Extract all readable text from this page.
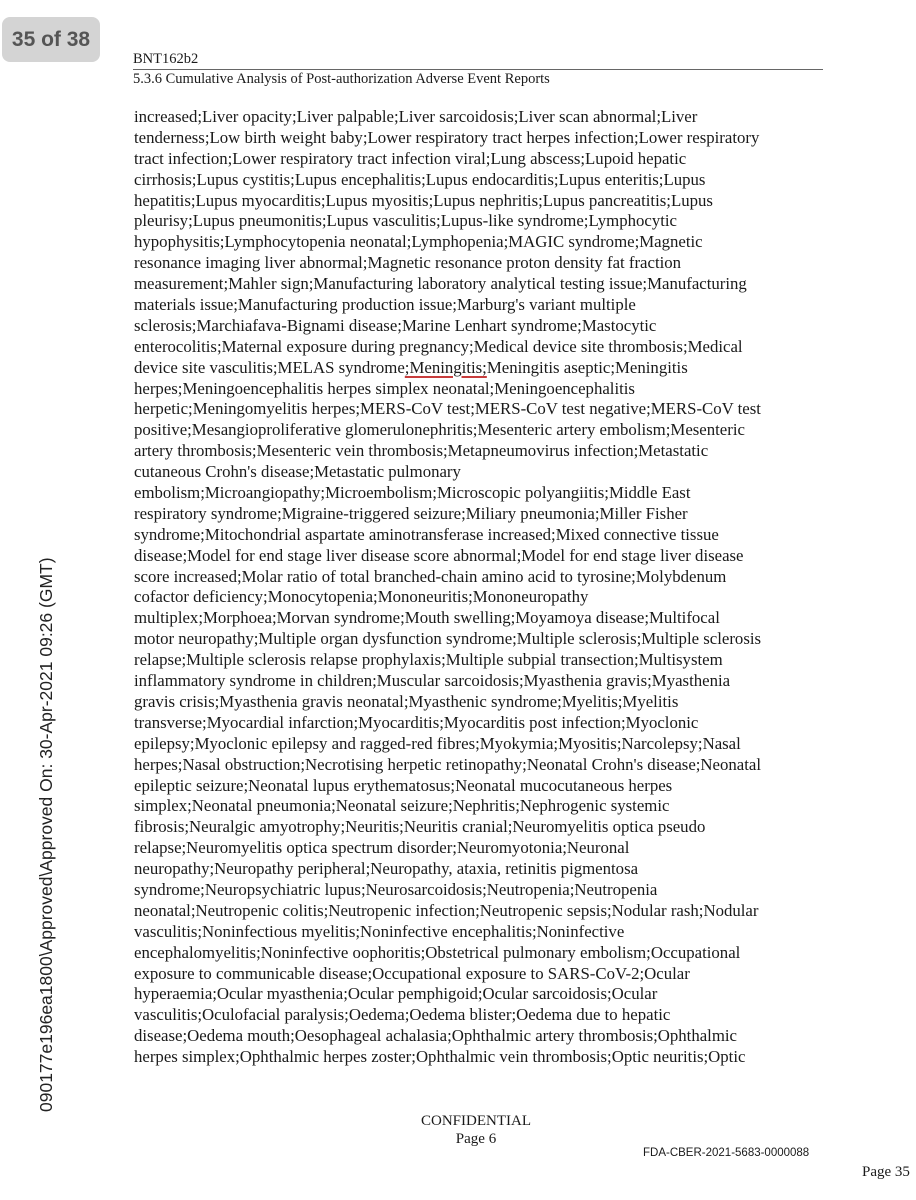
35 of 38
BNT162b2
5.3.6 Cumulative Analysis of Post-authorization Adverse Event Reports
090177e196ea1800\Approved\Approved On: 30-Apr-2021 09:26 (GMT)
increased;Liver opacity;Liver palpable;Liver sarcoidosis;Liver scan abnormal;Liver
tenderness;Low birth weight baby;Lower respiratory tract herpes infection;Lower respiratory
tract infection;Lower respiratory tract infection viral;Lung abscess;Lupoid hepatic
cirrhosis;Lupus cystitis;Lupus encephalitis;Lupus endocarditis;Lupus enteritis;Lupus
hepatitis;Lupus myocarditis;Lupus myositis;Lupus nephritis;Lupus pancreatitis;Lupus
pleurisy;Lupus pneumonitis;Lupus vasculitis;Lupus-like syndrome;Lymphocytic
hypophysitis;Lymphocytopenia neonatal;Lymphopenia;MAGIC syndrome;Magnetic
resonance imaging liver abnormal;Magnetic resonance proton density fat fraction
measurement;Mahler sign;Manufacturing laboratory analytical testing issue;Manufacturing
materials issue;Manufacturing production issue;Marburg's variant multiple
sclerosis;Marchiafava-Bignami disease;Marine Lenhart syndrome;Mastocytic
enterocolitis;Maternal exposure during pregnancy;Medical device site thrombosis;Medical
device site vasculitis;MELAS syndrome;Meningitis;Meningitis aseptic;Meningitis
herpes;Meningoencephalitis herpes simplex neonatal;Meningoencephalitis
herpetic;Meningomyelitis herpes;MERS-CoV test;MERS-CoV test negative;MERS-CoV test
positive;Mesangioproliferative glomerulonephritis;Mesenteric artery embolism;Mesenteric
artery thrombosis;Mesenteric vein thrombosis;Metapneumovirus infection;Metastatic
cutaneous Crohn's disease;Metastatic pulmonary
embolism;Microangiopathy;Microembolism;Microscopic polyangiitis;Middle East
respiratory syndrome;Migraine-triggered seizure;Miliary pneumonia;Miller Fisher
syndrome;Mitochondrial aspartate aminotransferase increased;Mixed connective tissue
disease;Model for end stage liver disease score abnormal;Model for end stage liver disease
score increased;Molar ratio of total branched-chain amino acid to tyrosine;Molybdenum
cofactor deficiency;Monocytopenia;Mononeuritis;Mononeuropathy
multiplex;Morphoea;Morvan syndrome;Mouth swelling;Moyamoya disease;Multifocal
motor neuropathy;Multiple organ dysfunction syndrome;Multiple sclerosis;Multiple sclerosis
relapse;Multiple sclerosis relapse prophylaxis;Multiple subpial transection;Multisystem
inflammatory syndrome in children;Muscular sarcoidosis;Myasthenia gravis;Myasthenia
gravis crisis;Myasthenia gravis neonatal;Myasthenic syndrome;Myelitis;Myelitis
transverse;Myocardial infarction;Myocarditis;Myocarditis post infection;Myoclonic
epilepsy;Myoclonic epilepsy and ragged-red fibres;Myokymia;Myositis;Narcolepsy;Nasal
herpes;Nasal obstruction;Necrotising herpetic retinopathy;Neonatal Crohn's disease;Neonatal
epileptic seizure;Neonatal lupus erythematosus;Neonatal mucocutaneous herpes
simplex;Neonatal pneumonia;Neonatal seizure;Nephritis;Nephrogenic systemic
fibrosis;Neuralgic amyotrophy;Neuritis;Neuritis cranial;Neuromyelitis optica pseudo
relapse;Neuromyelitis optica spectrum disorder;Neuromyotonia;Neuronal
neuropathy;Neuropathy peripheral;Neuropathy, ataxia, retinitis pigmentosa
syndrome;Neuropsychiatric lupus;Neurosarcoidosis;Neutropenia;Neutropenia
neonatal;Neutropenic colitis;Neutropenic infection;Neutropenic sepsis;Nodular rash;Nodular
vasculitis;Noninfectious myelitis;Noninfective encephalitis;Noninfective
encephalomyelitis;Noninfective oophoritis;Obstetrical pulmonary embolism;Occupational
exposure to communicable disease;Occupational exposure to SARS-CoV-2;Ocular
hyperaemia;Ocular myasthenia;Ocular pemphigoid;Ocular sarcoidosis;Ocular
vasculitis;Oculofacial paralysis;Oedema;Oedema blister;Oedema due to hepatic
disease;Oedema mouth;Oesophageal achalasia;Ophthalmic artery thrombosis;Ophthalmic
herpes simplex;Ophthalmic herpes zoster;Ophthalmic vein thrombosis;Optic neuritis;Optic
CONFIDENTIAL
Page 6
FDA-CBER-2021-5683-0000088
Page 35
